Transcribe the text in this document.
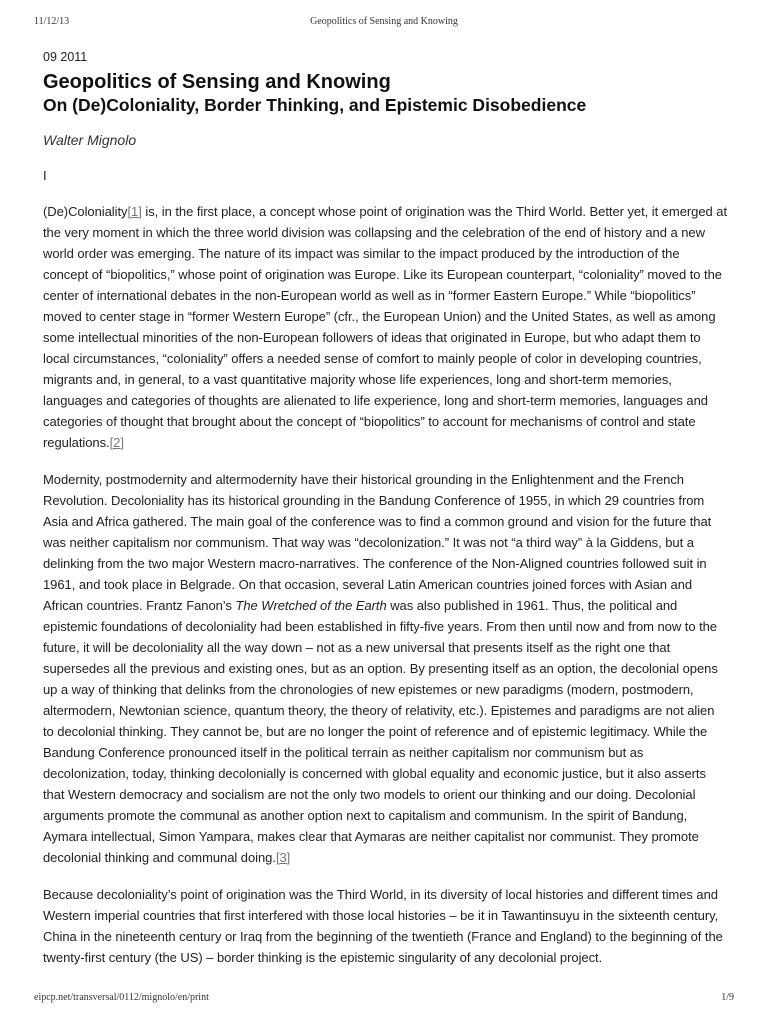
11/12/13	Geopolitics of Sensing and Knowing
09 2011
Geopolitics of Sensing and Knowing
On (De)Coloniality, Border Thinking, and Epistemic Disobedience
Walter Mignolo
I

(De)Coloniality[1] is, in the first place, a concept whose point of origination was the Third World. Better yet, it emerged at the very moment in which the three world division was collapsing and the celebration of the end of history and a new world order was emerging. The nature of its impact was similar to the impact produced by the introduction of the concept of “biopolitics,” whose point of origination was Europe. Like its European counterpart, “coloniality” moved to the center of international debates in the non-European world as well as in “former Eastern Europe.” While “biopolitics” moved to center stage in “former Western Europe” (cfr., the European Union) and the United States, as well as among some intellectual minorities of the non-European followers of ideas that originated in Europe, but who adapt them to local circumstances, “coloniality” offers a needed sense of comfort to mainly people of color in developing countries, migrants and, in general, to a vast quantitative majority whose life experiences, long and short-term memories, languages and categories of thoughts are alienated to life experience, long and short-term memories, languages and categories of thought that brought about the concept of “biopolitics” to account for mechanisms of control and state regulations.[2]

Modernity, postmodernity and altermodernity have their historical grounding in the Enlightenment and the French Revolution. Decoloniality has its historical grounding in the Bandung Conference of 1955, in which 29 countries from Asia and Africa gathered. The main goal of the conference was to find a common ground and vision for the future that was neither capitalism nor communism. That way was “decolonization.” It was not “a third way” à la Giddens, but a delinking from the two major Western macro-narratives. The conference of the Non-Aligned countries followed suit in 1961, and took place in Belgrade. On that occasion, several Latin American countries joined forces with Asian and African countries. Frantz Fanon’s The Wretched of the Earth was also published in 1961. Thus, the political and epistemic foundations of decoloniality had been established in fifty-five years. From then until now and from now to the future, it will be decoloniality all the way down – not as a new universal that presents itself as the right one that supersedes all the previous and existing ones, but as an option. By presenting itself as an option, the decolonial opens up a way of thinking that delinks from the chronologies of new epistemes or new paradigms (modern, postmodern, altermodern, Newtonian science, quantum theory, the theory of relativity, etc.). Epistemes and paradigms are not alien to decolonial thinking. They cannot be, but are no longer the point of reference and of epistemic legitimacy. While the Bandung Conference pronounced itself in the political terrain as neither capitalism nor communism but as decolonization, today, thinking decolonially is concerned with global equality and economic justice, but it also asserts that Western democracy and socialism are not the only two models to orient our thinking and our doing. Decolonial arguments promote the communal as another option next to capitalism and communism. In the spirit of Bandung, Aymara intellectual, Simon Yampara, makes clear that Aymaras are neither capitalist nor communist. They promote decolonial thinking and communal doing.[3]

Because decoloniality’s point of origination was the Third World, in its diversity of local histories and different times and Western imperial countries that first interfered with those local histories – be it in Tawantinsuyu in the sixteenth century, China in the nineteenth century or Iraq from the beginning of the twentieth (France and England) to the beginning of the twenty-first century (the US) – border thinking is the epistemic singularity of any decolonial project.

eipcp.net/transversal/0112/mignolo/en/print	1/9
